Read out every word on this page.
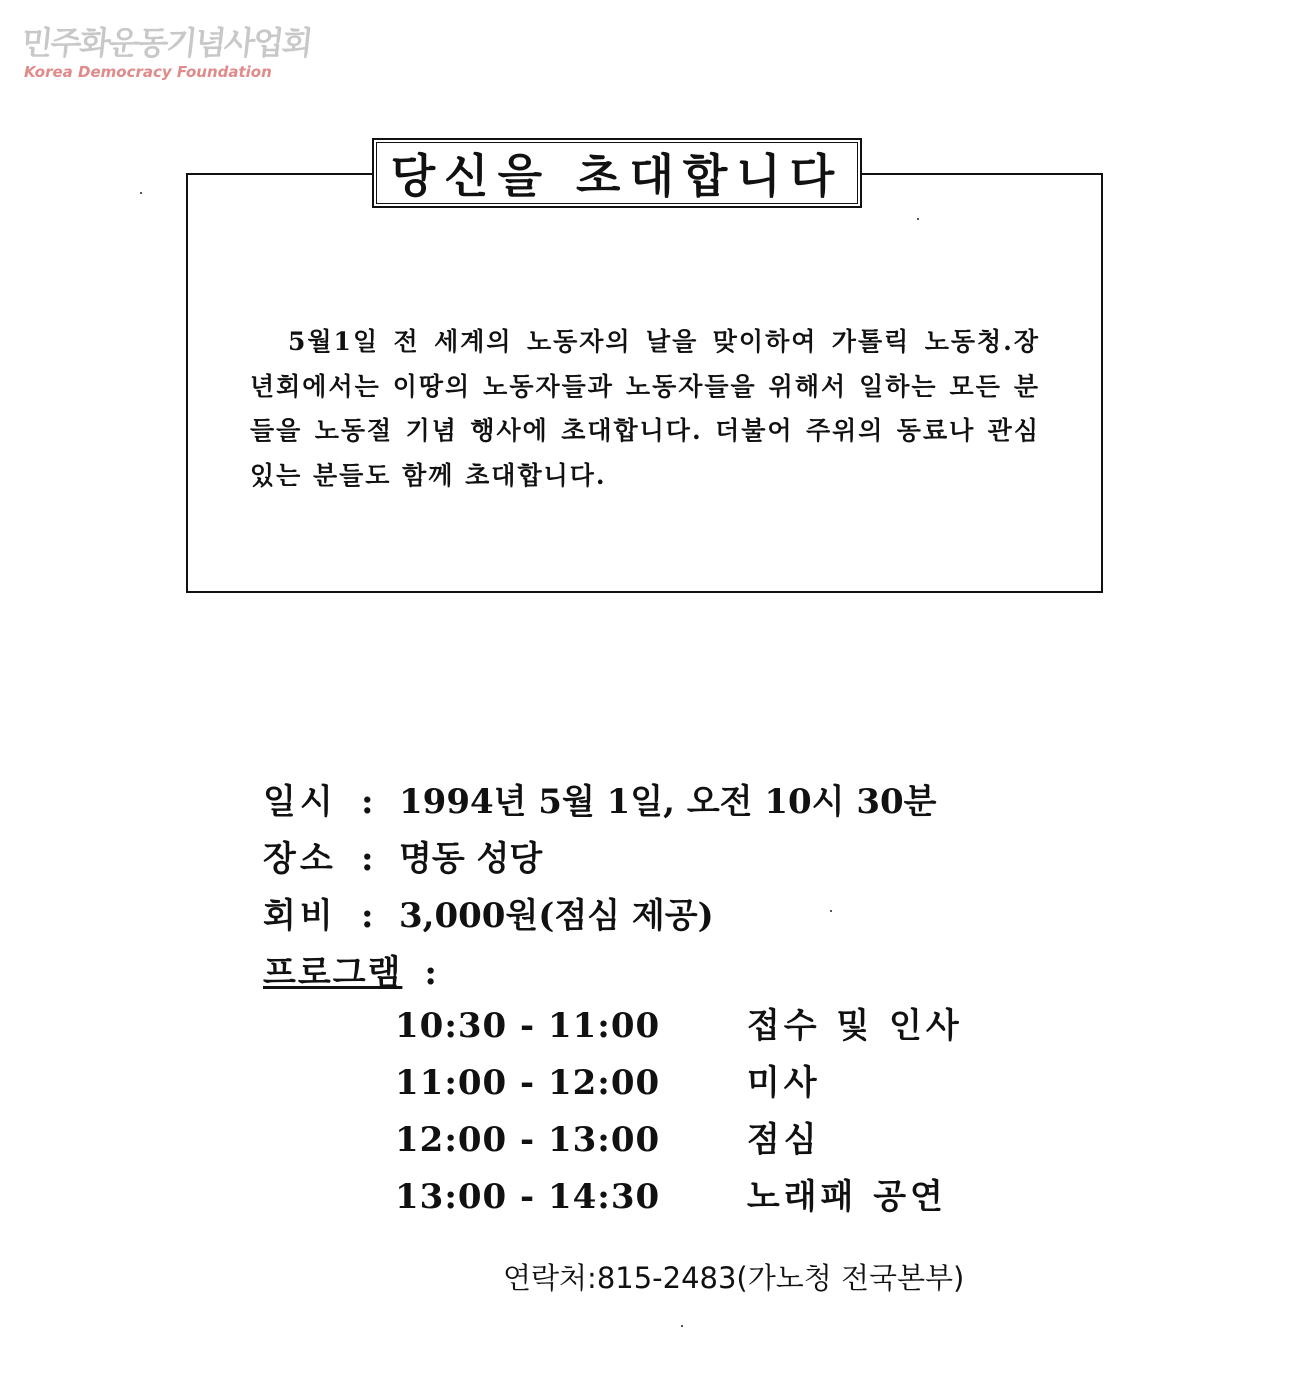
민주화운동기념사업회
Korea Democracy Foundation
당신을 초대합니다

5월1일 전 세계의 노동자의 날을 맞이하여 가톨릭 노동청.장년회에서는 이땅의 노동자들과 노동자들을 위해서 일하는 모든 분들을 노동절 기념 행사에 초대합니다. 더불어 주위의 동료나 관심있는 분들도 함께 초대합니다.

일시 : 1994년 5월 1일, 오전 10시 30분
장소 : 명동 성당
회비 : 3,000원(점심 제공)
프로그램 :
10:30 - 11:00	접수 및 인사
11:00 - 12:00	미사
12:00 - 13:00	점심
13:00 - 14:30	노래패 공연
연락처:815-2483(가노청 전국본부)
